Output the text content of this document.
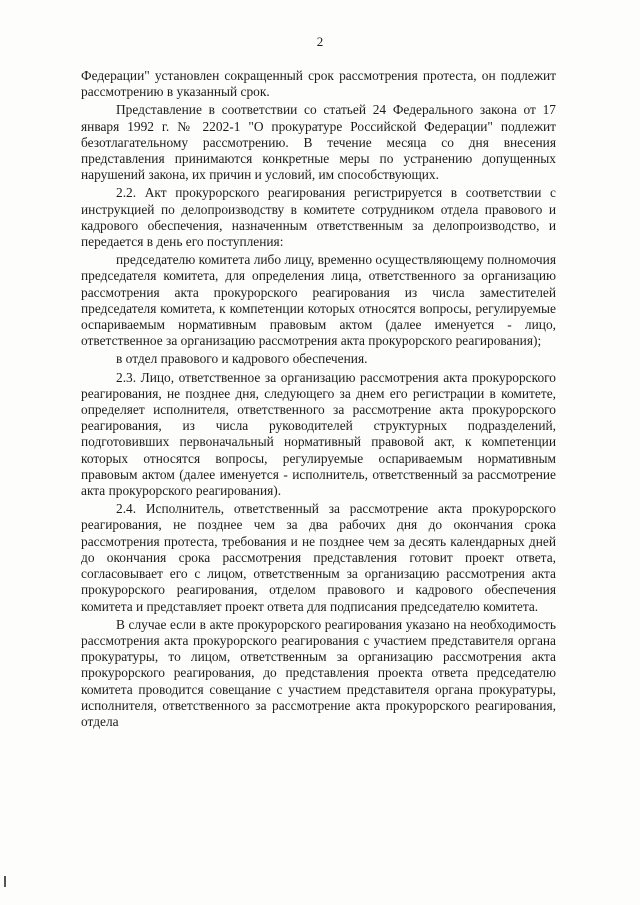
2

Федерации" установлен сокращенный срок рассмотрения протеста, он подлежит рассмотрению в указанный срок.

Представление в соответствии со статьей 24 Федерального закона от 17 января 1992 г. № 2202-1 "О прокуратуре Российской Федерации" подлежит безотлагательному рассмотрению. В течение месяца со дня внесения представления принимаются конкретные меры по устранению допущенных нарушений закона, их причин и условий, им способствующих.

2.2. Акт прокурорского реагирования регистрируется в соответствии с инструкцией по делопроизводству в комитете сотрудником отдела правового и кадрового обеспечения, назначенным ответственным за делопроизводство, и передается в день его поступления:

председателю комитета либо лицу, временно осуществляющему полномочия председателя комитета, для определения лица, ответственного за организацию рассмотрения акта прокурорского реагирования из числа заместителей председателя комитета, к компетенции которых относятся вопросы, регулируемые оспариваемым нормативным правовым актом (далее именуется - лицо, ответственное за организацию рассмотрения акта прокурорского реагирования);

в отдел правового и кадрового обеспечения.

2.3. Лицо, ответственное за организацию рассмотрения акта прокурорского реагирования, не позднее дня, следующего за днем его регистрации в комитете, определяет исполнителя, ответственного за рассмотрение акта прокурорского реагирования, из числа руководителей структурных подразделений, подготовивших первоначальный нормативный правовой акт, к компетенции которых относятся вопросы, регулируемые оспариваемым нормативным правовым актом (далее именуется - исполнитель, ответственный за рассмотрение акта прокурорского реагирования).

2.4. Исполнитель, ответственный за рассмотрение акта прокурорского реагирования, не позднее чем за два рабочих дня до окончания срока рассмотрения протеста, требования и не позднее чем за десять календарных дней до окончания срока рассмотрения представления готовит проект ответа, согласовывает его с лицом, ответственным за организацию рассмотрения акта прокурорского реагирования, отделом правового и кадрового обеспечения комитета и представляет проект ответа для подписания председателю комитета.

В случае если в акте прокурорского реагирования указано на необходимость рассмотрения акта прокурорского реагирования с участием представителя органа прокуратуры, то лицом, ответственным за организацию рассмотрения акта прокурорского реагирования, до представления проекта ответа председателю комитета проводится совещание с участием представителя органа прокуратуры, исполнителя, ответственного за рассмотрение акта прокурорского реагирования, отдела
